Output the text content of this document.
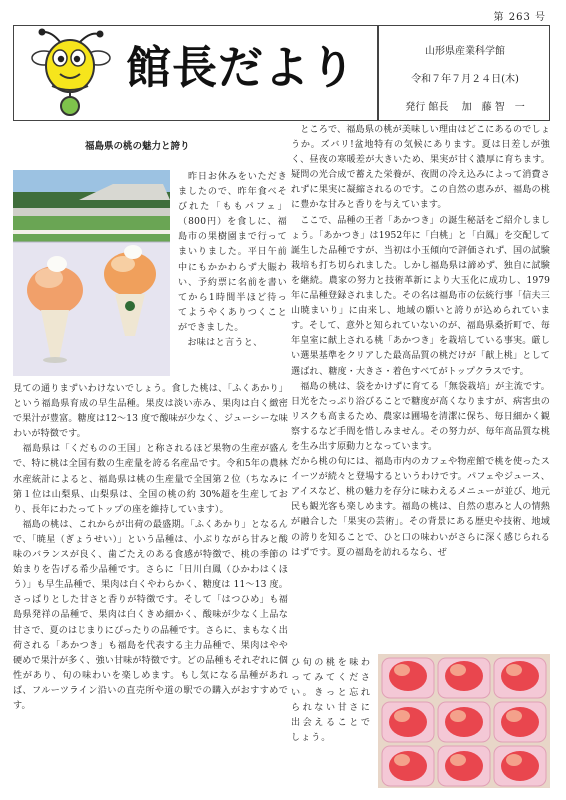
第 263 号
館長だより	山形県産業科学館
令和７年７月２４日(木)
発行 館長　 加　藤 智　一
福島県の桃の魅力と誇り

　昨日お休みをいただきましたので、昨年食べそびれた「ももパフェ」（800円）を食しに、福島市の果樹園まで行ってまいりました。平日午前中にもかかわらず大賑わい、予約票に名前を書いてから1時間半ほど待ってようやくありつくことができました。

　お味はと言うと、

見ての通りまずいわけないでしょう。食した桃は、「ふくあかり」という福島県育成の早生品種。果皮は淡い赤み、果肉は白く緻密で果汁が豊富。糖度は12～13 度で酸味が少なく、ジューシーな味わいが特徴です。

　福島県は「くだものの王国」と称されるほど果物の生産が盛んで、特に桃は全国有数の生産量を誇る名産品です。令和5年の農林水産統計によると、福島県は桃の生産量で全国第２位（ちなみに第１位は山梨県、山梨県は、全国の桃の約 30%超を生産しており、長年にわたってトップの座を維持しています）。

　福島の桃は、これからが出荷の最盛期。「ふくあかり」となるんで、「暁星（ぎょうせい）」という品種は、小ぶりながら甘みと酸味のバランスが良く、歯ごたえのある食感が特徴で、桃の季節の始まりを告げる希少品種です。さらに「日川白鳳（ひかわはくほう）」も早生品種で、果肉は白くやわらかく、糖度は 11～13 度。さっぱりとした甘さと香りが特徴です。そして「はつひめ」も福島県発祥の品種で、果肉は白くきめ細かく、酸味が少なく上品な甘さで、夏のはじまりにぴったりの品種です。さらに、まもなく出荷される「あかつき」も福島を代表する主力品種で、果肉はやや硬めで果汁が多く、強い甘味が特徴です。どの品種もそれぞれに個性があり、旬の味わいを楽しめます。もし気になる品種があれば、フルーツライン沿いの直売所や道の駅での購入がおすすめです。

　ところで、福島県の桃が美味しい理由はどこにあるのでしょうか。ズバリ!盆地特有の気候にあります。夏は日差しが強く、昼夜の寒暖差が大きいため、果実が甘く濃厚に育ちます。疑問の光合成で蓄えた栄養が、夜間の冷え込みによって消費されずに果実に凝縮されるのです。この自然の恵みが、福島の桃に豊かな甘みと香りを与えています。

　ここで、品種の王者「あかつき」の誕生秘話をご紹介しましょう。「あかつき」は1952年に「白桃」と「白鳳」を交配して誕生した品種ですが、当初は小玉傾向で評価されず、国の試験栽培も打ち切られました。しかし福島県は諦めず、独自に試験を継続。農家の努力と技術革新により大玉化に成功し、1979年に品種登録されました。その名は福島市の伝統行事「信夫三山暁まいり」に由来し、地域の願いと誇りが込められています。そして、意外と知られていないのが、福島県桑折町で、毎年皇室に献上される桃「あかつき」を栽培している事実。厳しい選果基準をクリアした最高品質の桃だけが「献上桃」として選ばれ、糖度・大きさ・着色すべてがトップクラスです。

　福島の桃は、袋をかけずに育てる「無袋栽培」が主流です。日光をたっぷり浴びることで糖度が高くなりますが、病害虫のリスクも高まるため、農家は圃場を清潔に保ち、毎日細かく観察するなど手間を惜しみません。その努力が、毎年高品質な桃を生み出す原動力となっています。

だから桃の旬には、福島市内のカフェや物産館で桃を使ったスイーツが続々と登場するというわけです。パフェやジュース、アイスなど、桃の魅力を存分に味わえるメニューが並び、地元民も観光客も楽しめます。福島の桃は、自然の恵みと人の情熱が融合した「果実の芸術」。その背景にある歴史や技術、地域の誇りを知ることで、ひと口の味わいがさらに深く感じられるはずです。夏の福島を訪れるなら、ぜ

ひ旬の桃を味わってみてください。きっと忘れられない甘さに出会えることでしょう。
